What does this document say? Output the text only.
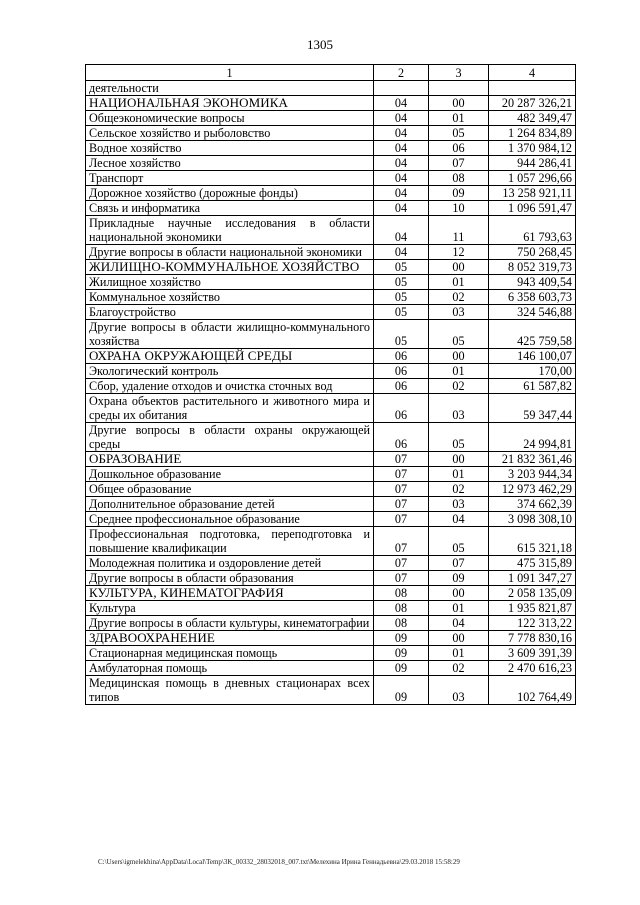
1305
1	2	3	4
деятельности			
НАЦИОНАЛЬНАЯ ЭКОНОМИКА	04	00	20 287 326,21
Общеэкономические вопросы	04	01	482 349,47
Сельское хозяйство и рыболовство	04	05	1 264 834,89
Водное хозяйство	04	06	1 370 984,12
Лесное хозяйство	04	07	944 286,41
Транспорт	04	08	1 057 296,66
Дорожное хозяйство (дорожные фонды)	04	09	13 258 921,11
Связь и информатика	04	10	1 096 591,47
Прикладные научные исследования в области национальной экономики	04	11	61 793,63
Другие вопросы в области национальной экономики	04	12	750 268,45
ЖИЛИЩНО-КОММУНАЛЬНОЕ ХОЗЯЙСТВО	05	00	8 052 319,73
Жилищное хозяйство	05	01	943 409,54
Коммунальное хозяйство	05	02	6 358 603,73
Благоустройство	05	03	324 546,88
Другие вопросы в области жилищно-коммунального хозяйства	05	05	425 759,58
ОХРАНА ОКРУЖАЮЩЕЙ СРЕДЫ	06	00	146 100,07
Экологический контроль	06	01	170,00
Сбор, удаление отходов и очистка сточных вод	06	02	61 587,82
Охрана объектов растительного и животного мира и среды их обитания	06	03	59 347,44
Другие вопросы в области охраны окружающей среды	06	05	24 994,81
ОБРАЗОВАНИЕ	07	00	21 832 361,46
Дошкольное образование	07	01	3 203 944,34
Общее образование	07	02	12 973 462,29
Дополнительное образование детей	07	03	374 662,39
Среднее профессиональное образование	07	04	3 098 308,10
Профессиональная подготовка, переподготовка и повышение квалификации	07	05	615 321,18
Молодежная политика и оздоровление детей	07	07	475 315,89
Другие вопросы в области образования	07	09	1 091 347,27
КУЛЬТУРА, КИНЕМАТОГРАФИЯ	08	00	2 058 135,09
Культура	08	01	1 935 821,87
Другие вопросы в области культуры, кинематографии	08	04	122 313,22
ЗДРАВООХРАНЕНИЕ	09	00	7 778 830,16
Стационарная медицинская помощь	09	01	3 609 391,39
Амбулаторная помощь	09	02	2 470 616,23
Медицинская помощь в дневных стационарах всех типов	09	03	102 764,49
C:\Users\igmelekhina\AppData\Local\Temp\3K_00332_28032018_007.txt\Мелехина Ирина Геннадьевна\29.03.2018 15:58:29
